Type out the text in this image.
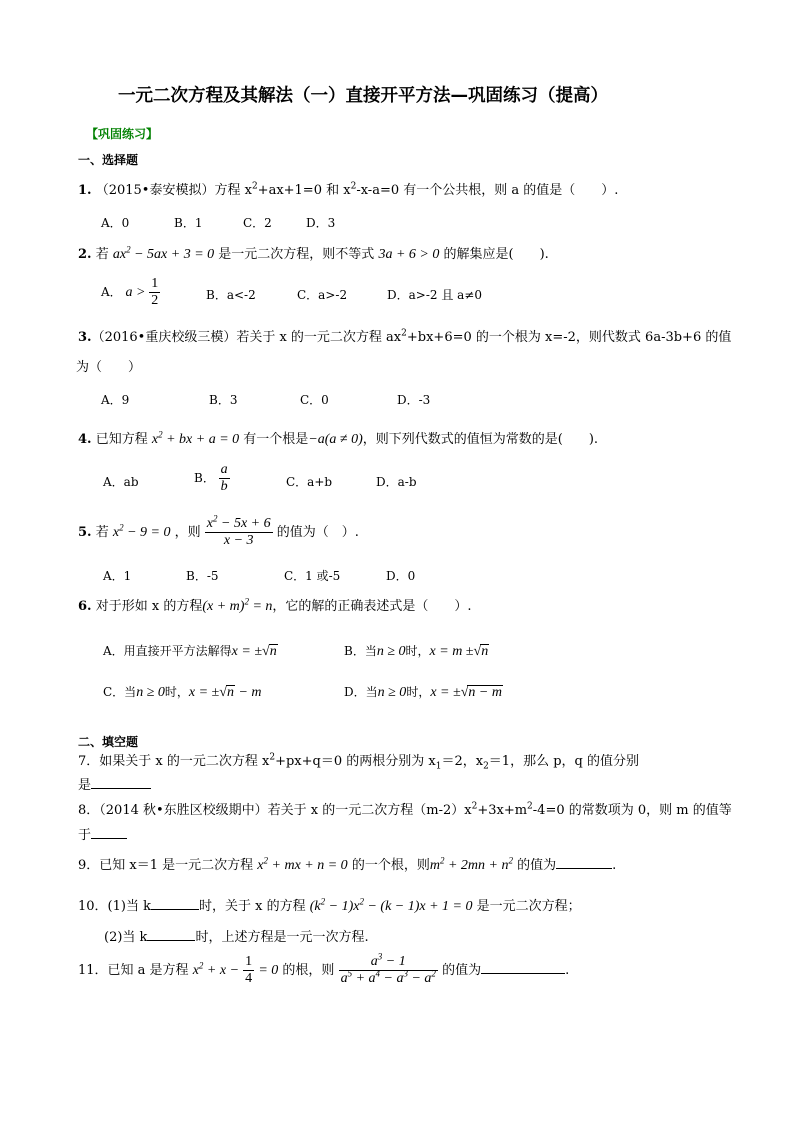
一元二次方程及其解法（一）直接开平方法—巩固练习（提高）
【巩固练习】
一、选择题
1. （2015•泰安模拟）方程 $x^2+ax+1=0$ 和 $x^2-x-a=0$ 有一个公共根，则 a 的值是（　　）.
A．0	B．1	C．2	D．3
2. 若 $ax^2 - 5ax + 3 = 0$ 是一元二次方程，则不等式 3a + 6 > 0 的解集应是(　　).
A． $a > \frac{1}{2}$	B．a<-2	C．a>-2	D．a>-2 且 a≠0
3.（2016•重庆校级三模）若关于 x 的一元二次方程 $ax^2+bx+6=0$ 的一个根为 x=-2，则代数式 6a-3b+6 的值
为（　　）
A．9	B．3	C．0	D．-3
4. 已知方程 $x^2$ + bx + a = 0 有一个根是−a(a ≠ 0)，则下列代数式的值恒为常数的是(　　).
A．ab	B． $\frac{a}{b}$	C．a+b	D．a-b
5. 若 $x^2 - 9 = 0$ ，则 $\frac{x^2 - 5x + 6}{x - 3}$ 的值为（　）.
A．1	B．-5	C．1 或-5	D．0
6. 对于形如 x 的方程$(x + m)^2 = n$，它的解的正确表述式是（　　）.
A．用直接开平方法解得x = ±√n	B．当n ≥ 0时，x = m ±√n
C．当n ≥ 0时，x = ±√n − m	D．当n ≥ 0时，x = ±√n − m
二、填空题
7．如果关于 x 的一元二次方程 $x^2+px+q=0$ 的两根分别为 $x_1=2$，$x_2=1$，那么 p，q 的值分别
是
8．（2014 秋•东胜区校级期中）若关于 x 的一元二次方程$(m-2)x^2+3x+m^2-4=0$ 的常数项为 0，则 m 的值等
于
9．已知 x＝1 是一元二次方程 $x^2$ + mx + n = 0 的一个根，则$m^2 + 2mn + n^2$ 的值为	.
10．(1)当 k	时，关于 x 的方程 $(k^2 - 1)x^2 - (k - 1)x + 1 = 0$ 是一元二次方程；
(2)当 k	时，上述方程是一元一次方程.
11．已知 a 是方程 $x^2 + x - \frac{1}{4} = 0$ 的根，则 $\frac{a^3 - 1}{a^5 + a^4 - a^3 - a^2}$ 的值为	.
